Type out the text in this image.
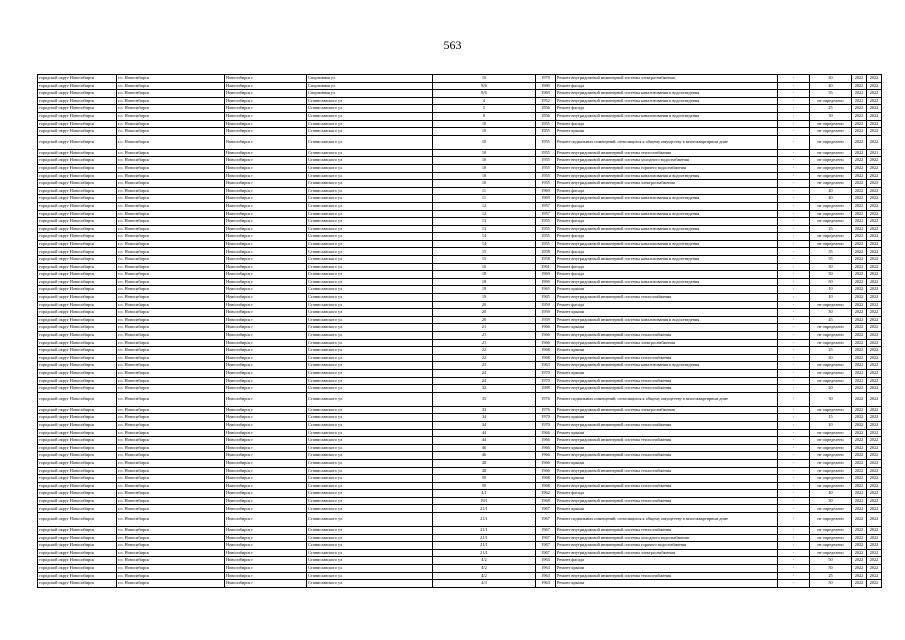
563
городской округ Новосибирск	г.о. Новосибирск	Новосибирск г	Спортивная ул	16	1979	Ремонт внутридомовой инженерной системы электроснабжения	-	30	2022	2022
городской округ Новосибирск	г.о. Новосибирск	Новосибирск г	Спортивная ул	8/6	1980	Ремонт фасада	-	40	2022	2022
городской округ Новосибирск	г.о. Новосибирск	Новосибирск г	Спортивная ул	8/6	1969	Ремонт внутридомовой инженерной системы канализования и водоотведения	-	55	2022	2022
городской округ Новосибирск	г.о. Новосибирск	Новосибирск г	Станиславского ул	4	1952	Ремонт внутридомовой инженерной системы канализования и водоотведения	-	не определено	2022	2022
городской округ Новосибирск	г.о. Новосибирск	Новосибирск г	Станиславского ул	5	1956	Ремонт фасада	-	25	2022	2022
городской округ Новосибирск	г.о. Новосибирск	Новосибирск г	Станиславского ул	8	1956	Ремонт внутридомовой инженерной системы канализования и водоотведения	-	50	2022	2022
городской округ Новосибирск	г.о. Новосибирск	Новосибирск г	Станиславского ул	10	1955	Ремонт фасада	-	не определено	2022	2022
городской округ Новосибирск	г.о. Новосибирск	Новосибирск г	Станиславского ул	10	1955	Ремонт крыши	-	не определено	2022	2022
городской округ Новосибирск	г.о. Новосибирск	Новосибирск г	Станиславского ул	10	1955	Ремонт подвальных помещений, относящихся к общему имуществу в многоквартирном доме	-	не определено	2022	2022
городской округ Новосибирск	г.о. Новосибирск	Новосибирск г	Станиславского ул	10	1955	Ремонт внутридомовой инженерной системы теплоснабжения	-	не определено	2022	2021
городской округ Новосибирск	г.о. Новосибирск	Новосибирск г	Станиславского ул	10	1955	Ремонт внутридомовой инженерной системы холодного водоснабжения	-	не определено	2022	2022
городской округ Новосибирск	г.о. Новосибирск	Новосибирск г	Станиславского ул	10	1955	Ремонт внутридомовой инженерной системы горячего водоснабжения	-	не определено	2022	2022
городской округ Новосибирск	г.о. Новосибирск	Новосибирск г	Станиславского ул	10	1955	Ремонт внутридомовой инженерной системы канализования и водоотведения	-	не определено	2022	2022
городской округ Новосибирск	г.о. Новосибирск	Новосибирск г	Станиславского ул	10	1955	Ремонт внутридомовой инженерной системы электроснабжения	-	не определено	2022	2023
городской округ Новосибирск	г.о. Новосибирск	Новосибирск г	Станиславского ул	11	1969	Ремонт фасада	-	40	2022	2022
городской округ Новосибирск	г.о. Новосибирск	Новосибирск г	Станиславского ул	11	1969	Ремонт внутридомовой инженерной системы канализования и водоотведения	-	40	2022	2022
городской округ Новосибирск	г.о. Новосибирск	Новосибирск г	Станиславского ул	12	1957	Ремонт фасада	-	не определено	2022	2022
городской округ Новосибирск	г.о. Новосибирск	Новосибирск г	Станиславского ул	12	1957	Ремонт внутридомовой инженерной системы канализования и водоотведения	-	не определено	2022	2022
городской округ Новосибирск	г.о. Новосибирск	Новосибирск г	Станиславского ул	13	1955	Ремонт фасада	-	не определено	2022	2022
городской округ Новосибирск	г.о. Новосибирск	Новосибирск г	Станиславского ул	13	1955	Ремонт внутридомовой инженерной системы канализования и водоотведения	-	25	2022	2022
городской округ Новосибирск	г.о. Новосибирск	Новосибирск г	Станиславского ул	14	1955	Ремонт фасада	-	не определено	2022	2022
городской округ Новосибирск	г.о. Новосибирск	Новосибирск г	Станиславского ул	14	1955	Ремонт внутридомовой инженерной системы канализования и водоотведения	-	не определено	2022	2022
городской округ Новосибирск	г.о. Новосибирск	Новосибирск г	Станиславского ул	15	1958	Ремонт фасада	-	35	2022	2022
городской округ Новосибирск	г.о. Новосибирск	Новосибирск г	Станиславского ул	15	1958	Ремонт внутридомовой инженерной системы канализования и водоотведения	-	55	2022	2022
городской округ Новосибирск	г.о. Новосибирск	Новосибирск г	Станиславского ул	16	1961	Ремонт фасада	-	30	2022	2022
городской округ Новосибирск	г.о. Новосибирск	Новосибирск г	Станиславского ул	18	1969	Ремонт фасада	-	50	2022	2022
городской округ Новосибирск	г.о. Новосибирск	Новосибирск г	Станиславского ул	18	1969	Ремонт внутридомовой инженерной системы канализования и водоотведения	-	50	2022	2022
городской округ Новосибирск	г.о. Новосибирск	Новосибирск г	Станиславского ул	19	1965	Ремонт крыши	-	10	2022	2022
городской округ Новосибирск	г.о. Новосибирск	Новосибирск г	Станиславского ул	19	1965	Ремонт внутридомовой инженерной системы теплоснабжения	-	10	2022	2022
городской округ Новосибирск	г.о. Новосибирск	Новосибирск г	Станиславского ул	20	1959	Ремонт фасада	-	не определено	2022	2022
городской округ Новосибирск	г.о. Новосибирск	Новосибирск г	Станиславского ул	20	1959	Ремонт крыши	-	30	2022	2022
городской округ Новосибирск	г.о. Новосибирск	Новосибирск г	Станиславского ул	20	1959	Ремонт внутридомовой инженерной системы канализования и водоотведения	-	45	2022	2022
городской округ Новосибирск	г.о. Новосибирск	Новосибирск г	Станиславского ул	21	1966	Ремонт крыши	-	не определено	2022	2022
городской округ Новосибирск	г.о. Новосибирск	Новосибирск г	Станиславского ул	21	1966	Ремонт внутридомовой инженерной системы теплоснабжения	-	не определено	2022	2022
городской округ Новосибирск	г.о. Новосибирск	Новосибирск г	Станиславского ул	21	1966	Ремонт внутридомовой инженерной системы электроснабжения	-	не определено	2022	2022
городской округ Новосибирск	г.о. Новосибирск	Новосибирск г	Станиславского ул	22	1968	Ремонт крыши	-	25	2022	2022
городской округ Новосибирск	г.о. Новосибирск	Новосибирск г	Станиславского ул	22	1968	Ремонт внутридомовой инженерной системы теплоснабжения	-	30	2022	2022
городской округ Новосибирск	г.о. Новосибирск	Новосибирск г	Станиславского ул	23	1963	Ремонт внутридомовой инженерной системы канализования и водоотведения	-	не определено	2022	2022
городской округ Новосибирск	г.о. Новосибирск	Новосибирск г	Станиславского ул	24	1970	Ремонт крыши	-	не определено	2022	2022
городской округ Новосибирск	г.о. Новосибирск	Новосибирск г	Станиславского ул	24	1970	Ремонт внутридомовой инженерной системы теплоснабжения	-	не определено	2022	2022
городской округ Новосибирск	г.о. Новосибирск	Новосибирск г	Станиславского ул	32	1988	Ремонт внутридомовой инженерной системы теплоснабжения	-	20	2022	2022
городской округ Новосибирск	г.о. Новосибирск	Новосибирск г	Станиславского ул	33	1976	Ремонт подвальных помещений, относящихся к общему имуществу в многоквартирном доме	-	30	2022	2022
городской округ Новосибирск	г.о. Новосибирск	Новосибирск г	Станиславского ул	33	1976	Ремонт внутридомовой инженерной системы электроснабжения	-	не определено	2022	2022
городской округ Новосибирск	г.о. Новосибирск	Новосибирск г	Станиславского ул	34	1970	Ремонт крыши	-	15	2022	2022
городской округ Новосибирск	г.о. Новосибирск	Новосибирск г	Станиславского ул	34	1970	Ремонт внутридомовой инженерной системы теплоснабжения	-	10	2022	2022
городской округ Новосибирск	г.о. Новосибирск	Новосибирск г	Станиславского ул	44	1966	Ремонт крыши	-	не определено	2022	2022
городской округ Новосибирск	г.о. Новосибирск	Новосибирск г	Станиславского ул	44	1966	Ремонт внутридомовой инженерной системы теплоснабжения	-	не определено	2022	2022
городской округ Новосибирск	г.о. Новосибирск	Новосибирск г	Станиславского ул	46	1966	Ремонт крыши	-	не определено	2022	2022
городской округ Новосибирск	г.о. Новосибирск	Новосибирск г	Станиславского ул	46	1966	Ремонт внутридомовой инженерной системы теплоснабжения	-	не определено	2022	2022
городской округ Новосибирск	г.о. Новосибирск	Новосибирск г	Станиславского ул	48	1966	Ремонт крыши	-	не определено	2022	2022
городской округ Новосибирск	г.о. Новосибирск	Новосибирск г	Станиславского ул	48	1966	Ремонт внутридомовой инженерной системы теплоснабжения	-	не определено	2022	2022
городской округ Новосибирск	г.о. Новосибирск	Новосибирск г	Станиславского ул	50	1968	Ремонт крыши	-	не определено	2022	2022
городской округ Новосибирск	г.о. Новосибирск	Новосибирск г	Станиславского ул	50	1968	Ремонт внутридомовой инженерной системы теплоснабжения	-	не определено	2022	2022
городской округ Новосибирск	г.о. Новосибирск	Новосибирск г	Станиславского ул	4/1	1962	Ремонт фасада	-	40	2022	2022
городской округ Новосибирск	г.о. Новосибирск	Новосибирск г	Станиславского ул	19/1	1968	Ремонт внутридомовой инженерной системы теплоснабжения	-	30	2022	2022
городской округ Новосибирск	г.о. Новосибирск	Новосибирск г	Станиславского ул	21/1	1967	Ремонт крыши	-	не определено	2022	2022
городской округ Новосибирск	г.о. Новосибирск	Новосибирск г	Станиславского ул	21/1	1967	Ремонт подвальных помещений, относящихся к общему имуществу в многоквартирном доме	-	не определено	2022	2022
городской округ Новосибирск	г.о. Новосибирск	Новосибирск г	Станиславского ул	21/1	1967	Ремонт внутридомовой инженерной системы теплоснабжения	-	не определено	2022	2022
городской округ Новосибирск	г.о. Новосибирск	Новосибирск г	Станиславского ул	21/1	1967	Ремонт внутридомовой инженерной системы холодного водоснабжения	-	не определено	2022	2022
городской округ Новосибирск	г.о. Новосибирск	Новосибирск г	Станиславского ул	21/1	1967	Ремонт внутридомовой инженерной системы горячего водоснабжения	-	не определено	2022	2022
городской округ Новосибирск	г.о. Новосибирск	Новосибирск г	Станиславского ул	21/1	1967	Ремонт внутридомовой инженерной системы электроснабжения	-	не определено	2022	2022
городской округ Новосибирск	г.о. Новосибирск	Новосибирск г	Станиславского ул	4/2	1963	Ремонт фасада	-	50	2022	2022
городской округ Новосибирск	г.о. Новосибирск	Новосибирск г	Станиславского ул	4/2	1963	Ремонт крыши	-	50	2022	2022
городской округ Новосибирск	г.о. Новосибирск	Новосибирск г	Станиславского ул	4/2	1963	Ремонт внутридомовой инженерной системы теплоснабжения	-	25	2022	2022
городской округ Новосибирск	г.о. Новосибирск	Новосибирск г	Станиславского ул	4/3	1963	Ремонт крыши	-	50	2022	2022
